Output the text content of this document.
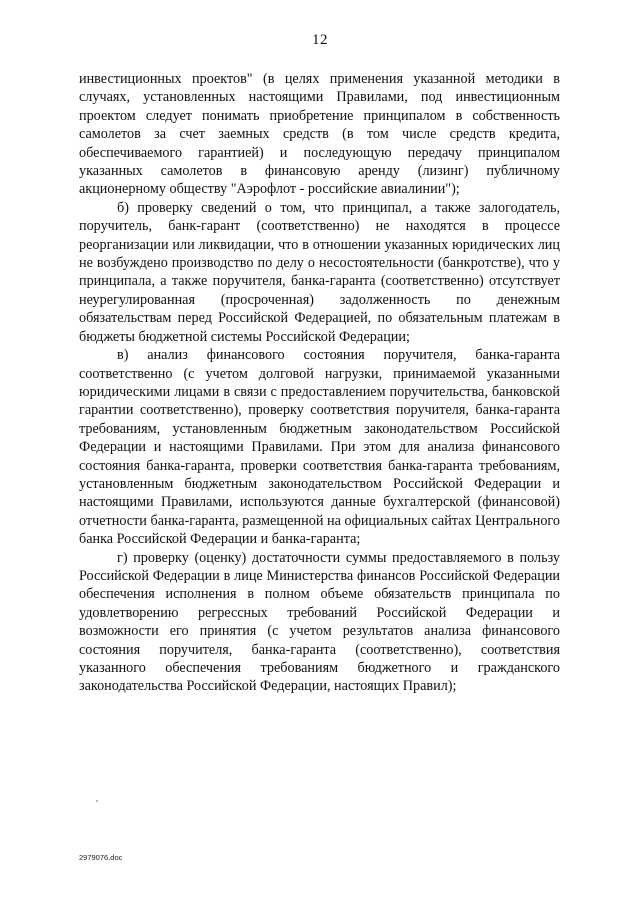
12

инвестиционных проектов" (в целях применения указанной методики в случаях, установленных настоящими Правилами, под инвестиционным проектом следует понимать приобретение принципалом в собственность самолетов за счет заемных средств (в том числе средств кредита, обеспечиваемого гарантией) и последующую передачу принципалом указанных самолетов в финансовую аренду (лизинг) публичному акционерному обществу "Аэрофлот - российские авиалинии");

б) проверку сведений о том, что принципал, а также залогодатель, поручитель, банк-гарант (соответственно) не находятся в процессе реорганизации или ликвидации, что в отношении указанных юридических лиц не возбуждено производство по делу о несостоятельности (банкротстве), что у принципала, а также поручителя, банка-гаранта (соответственно) отсутствует неурегулированная (просроченная) задолженность по денежным обязательствам перед Российской Федерацией, по обязательным платежам в бюджеты бюджетной системы Российской Федерации;

в) анализ финансового состояния поручителя, банка-гаранта соответственно (с учетом долговой нагрузки, принимаемой указанными юридическими лицами в связи с предоставлением поручительства, банковской гарантии соответственно), проверку соответствия поручителя, банка-гаранта требованиям, установленным бюджетным законодательством Российской Федерации и настоящими Правилами. При этом для анализа финансового состояния банка-гаранта, проверки соответствия банка-гаранта требованиям, установленным бюджетным законодательством Российской Федерации и настоящими Правилами, используются данные бухгалтерской (финансовой) отчетности банка-гаранта, размещенной на официальных сайтах Центрального банка Российской Федерации и банка-гаранта;

г) проверку (оценку) достаточности суммы предоставляемого в пользу Российской Федерации в лице Министерства финансов Российской Федерации обеспечения исполнения в полном объеме обязательств принципала по удовлетворению регрессных требований Российской Федерации и возможности его принятия (с учетом результатов анализа финансового состояния поручителя, банка-гаранта (соответственно), соответствия указанного обеспечения требованиям бюджетного и гражданского законодательства Российской Федерации, настоящих Правил);

2979076.doc
